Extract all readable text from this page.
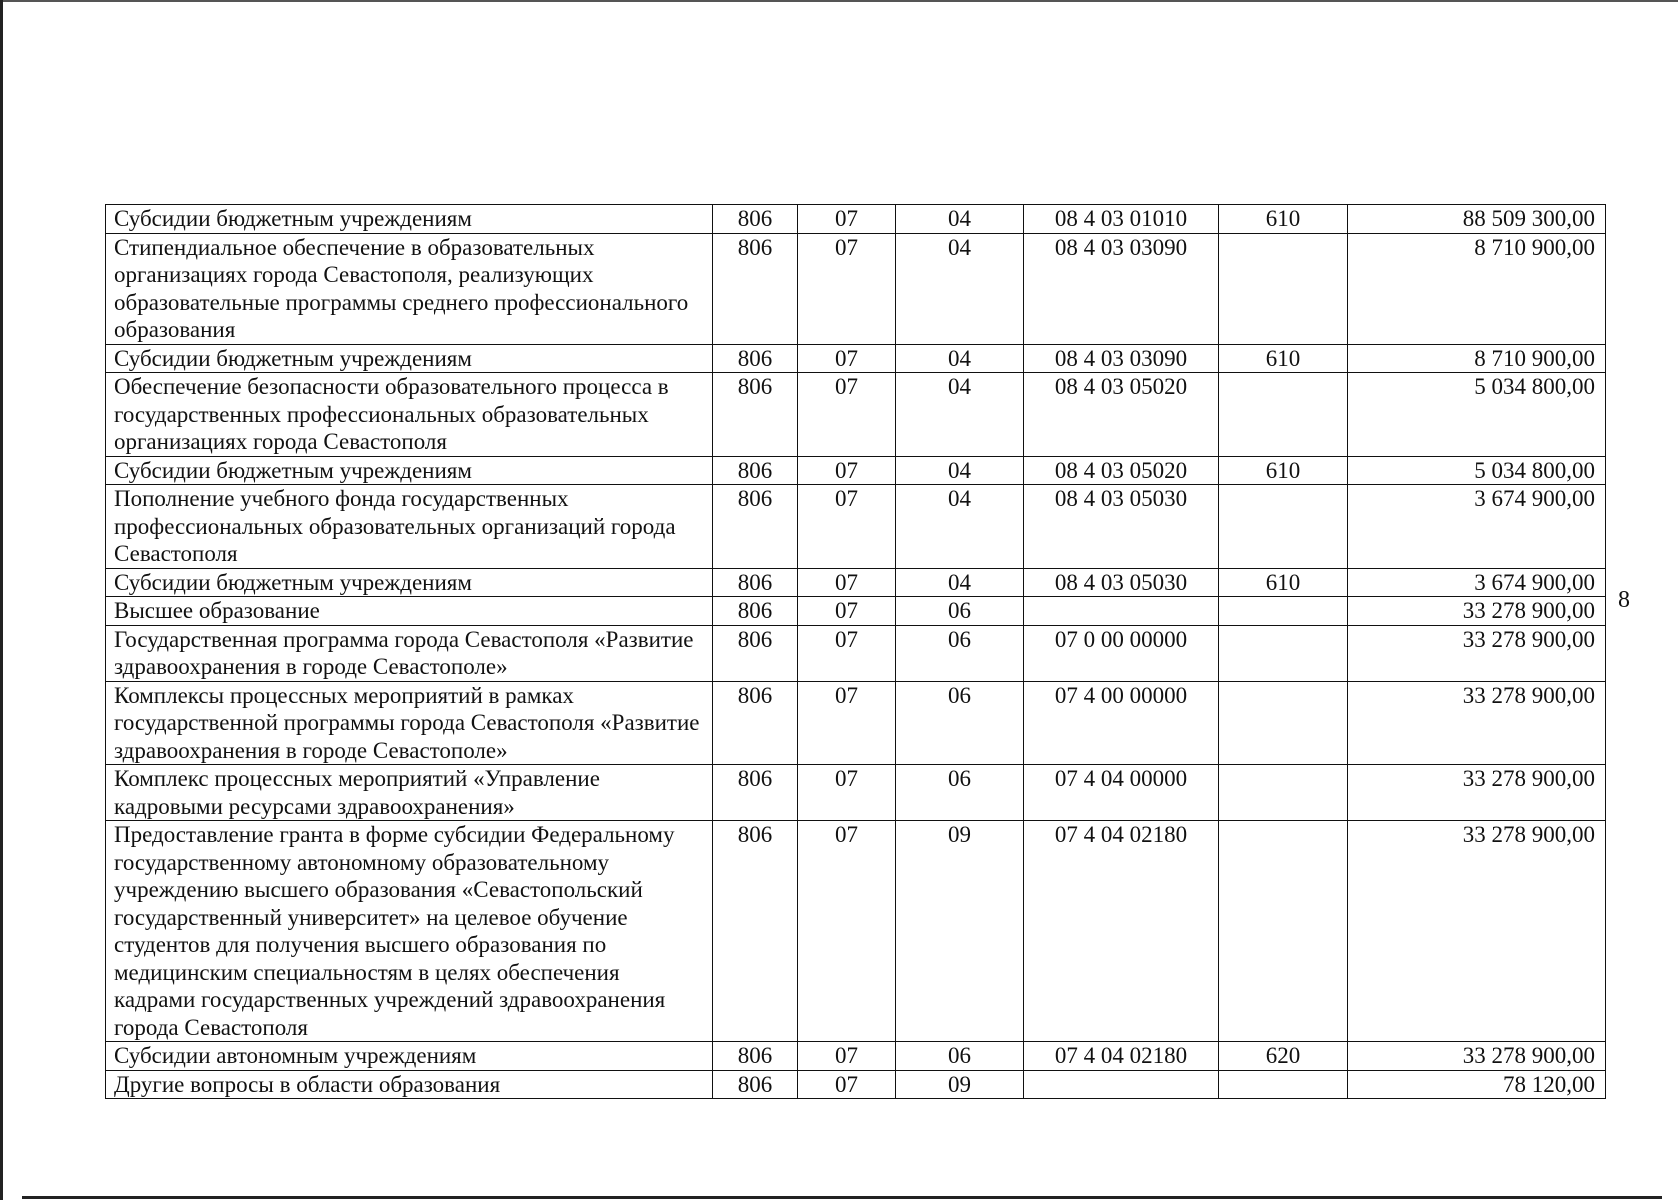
Субсидии бюджетным учреждениям	806	07	04	08 4 03 01010	610	88 509 300,00
Стипендиальное обеспечение в образовательных организациях города Севастополя, реализующих образовательные программы среднего профессионального образования	806	07	04	08 4 03 03090		8 710 900,00
Субсидии бюджетным учреждениям	806	07	04	08 4 03 03090	610	8 710 900,00
Обеспечение безопасности образовательного процесса в государственных профессиональных образовательных организациях города Севастополя	806	07	04	08 4 03 05020		5 034 800,00
Субсидии бюджетным учреждениям	806	07	04	08 4 03 05020	610	5 034 800,00
Пополнение учебного фонда государственных профессиональных образовательных организаций города Севастополя	806	07	04	08 4 03 05030		3 674 900,00
Субсидии бюджетным учреждениям	806	07	04	08 4 03 05030	610	3 674 900,00
Высшее образование	806	07	06			33 278 900,00
Государственная программа города Севастополя «Развитие здравоохранения в городе Севастополе»	806	07	06	07 0 00 00000		33 278 900,00
Комплексы процессных мероприятий в рамках государственной программы города Севастополя «Развитие здравоохранения в городе Севастополе»	806	07	06	07 4 00 00000		33 278 900,00
Комплекс процессных мероприятий «Управление кадровыми ресурсами здравоохранения»	806	07	06	07 4 04 00000		33 278 900,00
Предоставление гранта в форме субсидии Федеральному государственному автономному образовательному учреждению высшего образования «Севастопольский государственный университет» на целевое обучение студентов для получения высшего образования по медицинским специальностям в целях обеспечения кадрами государственных учреждений здравоохранения города Севастополя	806	07	09	07 4 04 02180		33 278 900,00
Субсидии автономным учреждениям	806	07	06	07 4 04 02180	620	33 278 900,00
Другие вопросы в области образования	806	07	09			78 120,00
8
